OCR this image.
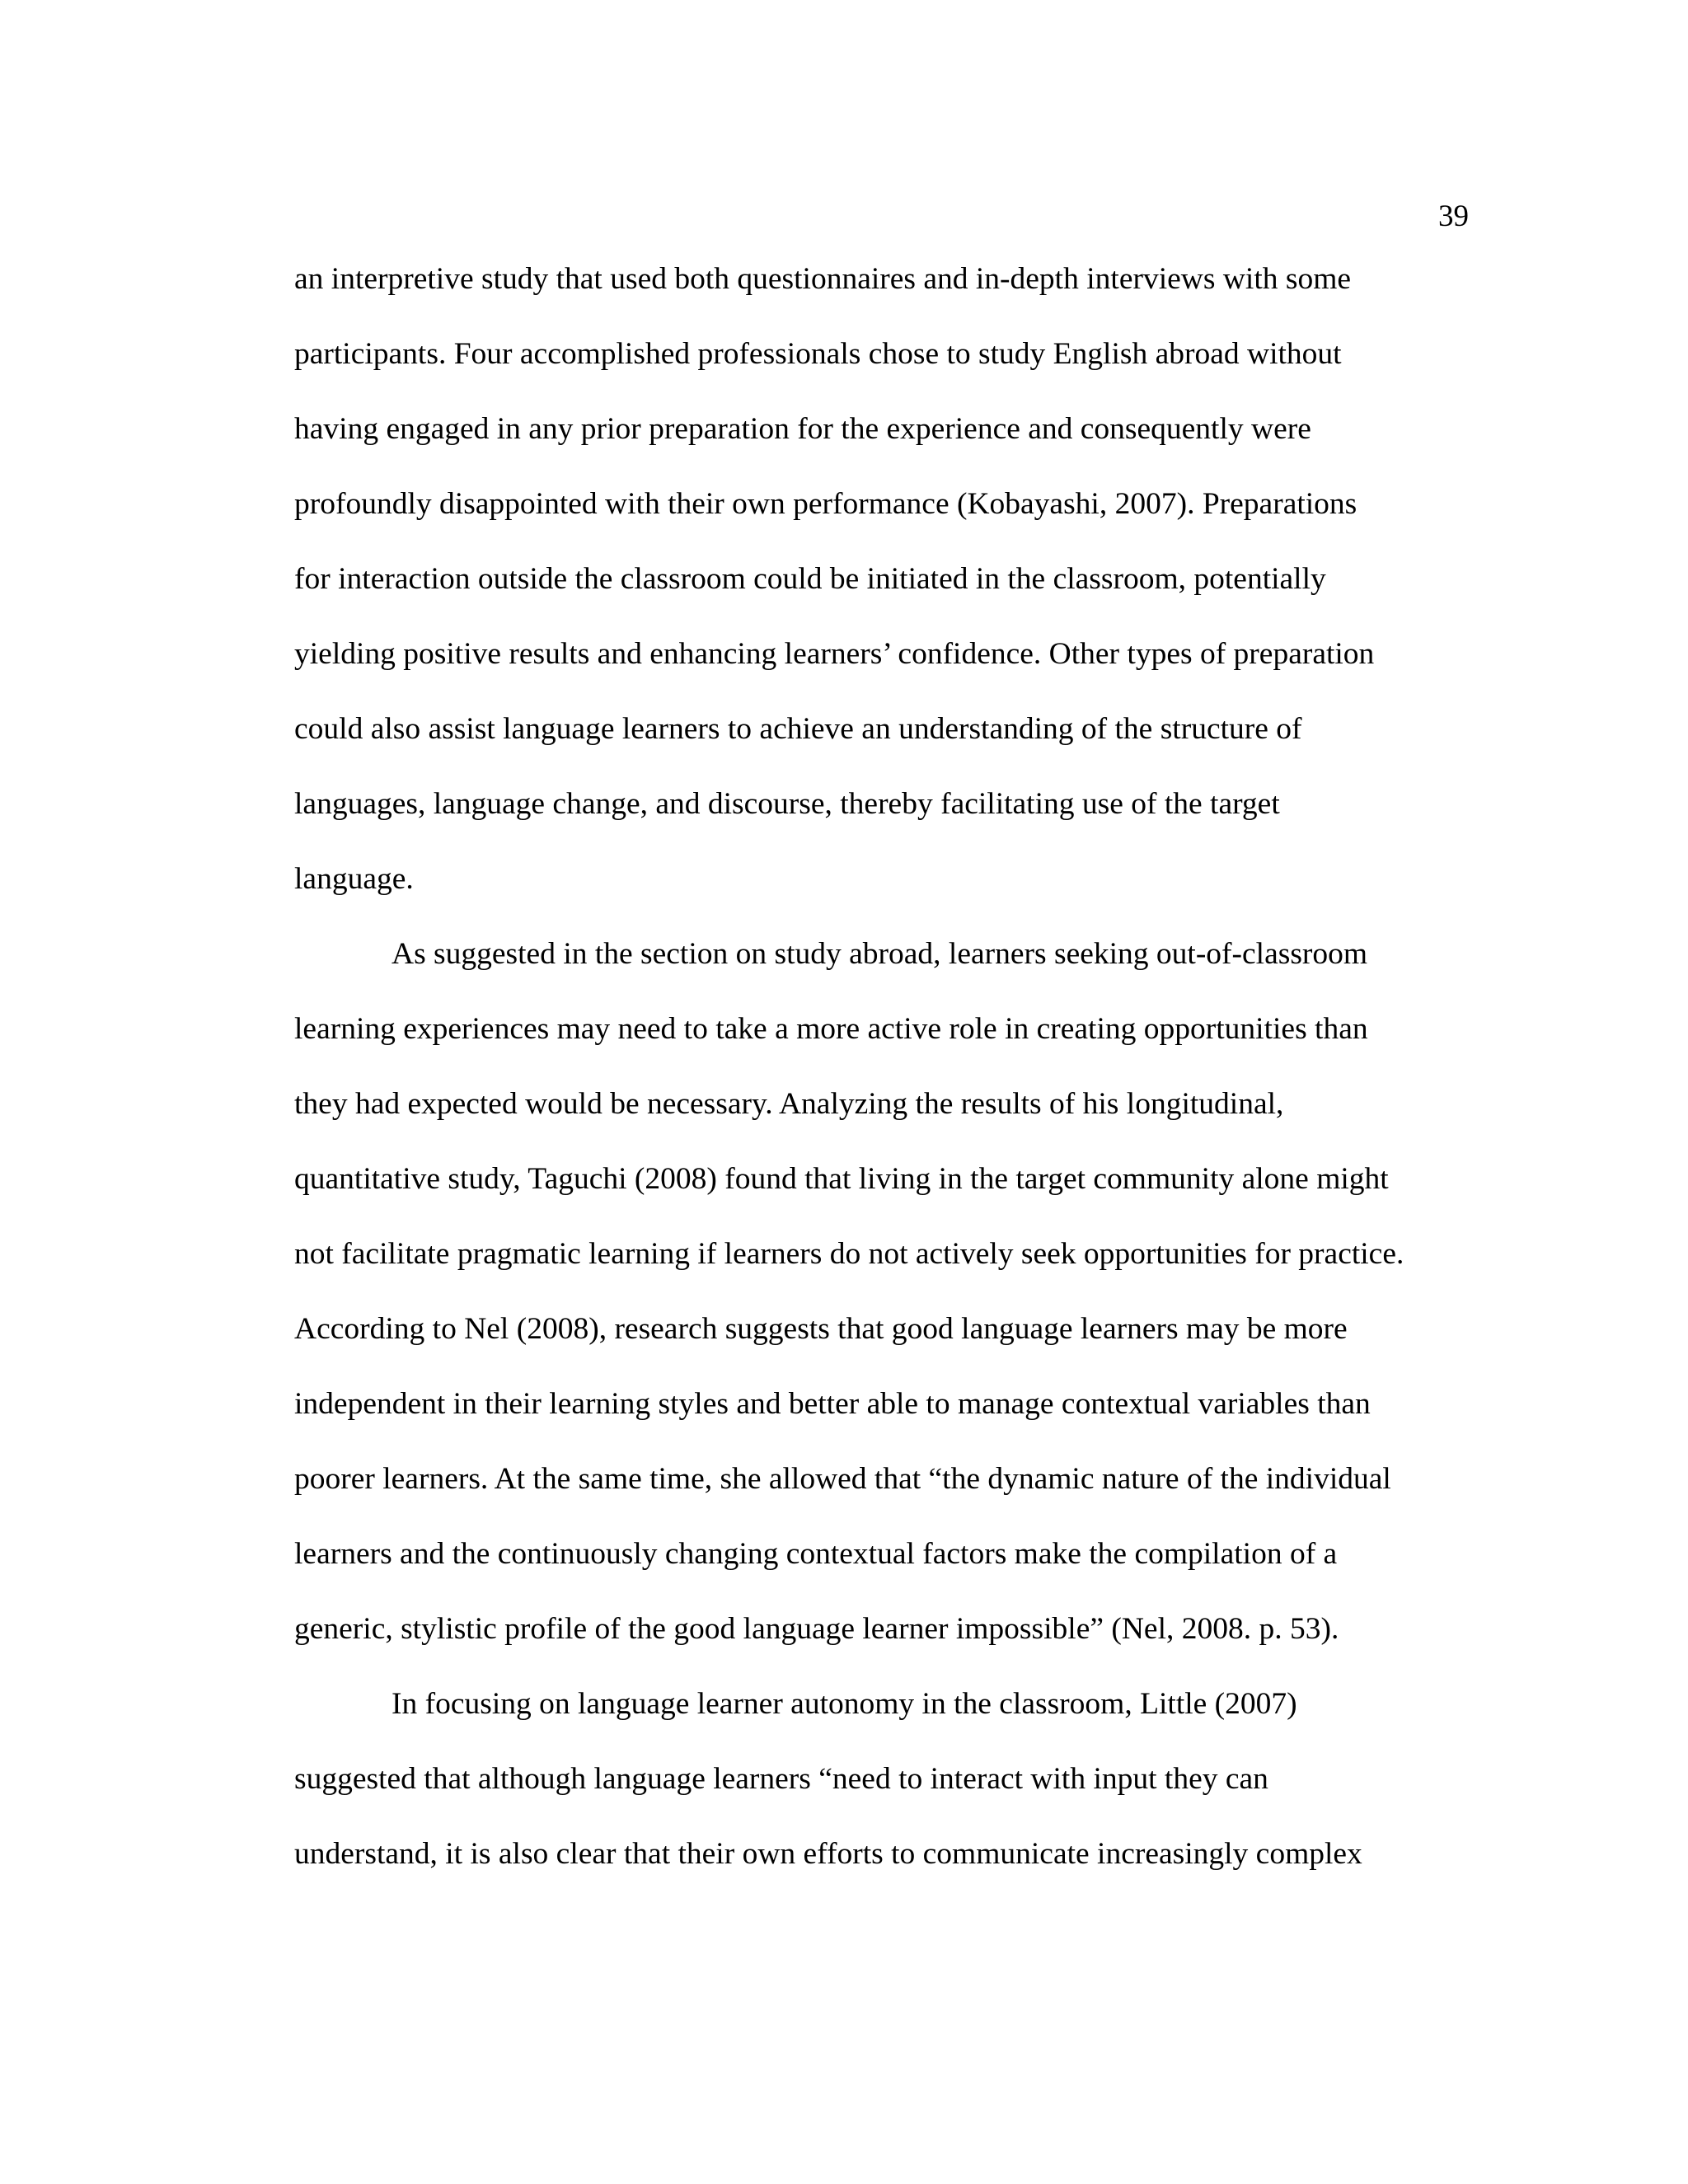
39
an interpretive study that used both questionnaires and in-depth interviews with some
participants. Four accomplished professionals chose to study English abroad without
having engaged in any prior preparation for the experience and consequently were
profoundly disappointed with their own performance (Kobayashi, 2007). Preparations
for interaction outside the classroom could be initiated in the classroom, potentially
yielding positive results and enhancing learners’ confidence. Other types of preparation
could also assist language learners to achieve an understanding of the structure of
languages, language change, and discourse, thereby facilitating use of the target
language.
As suggested in the section on study abroad, learners seeking out-of-classroom
learning experiences may need to take a more active role in creating opportunities than
they had expected would be necessary. Analyzing the results of his longitudinal,
quantitative study, Taguchi (2008) found that living in the target community alone might
not facilitate pragmatic learning if learners do not actively seek opportunities for practice.
According to Nel (2008), research suggests that good language learners may be more
independent in their learning styles and better able to manage contextual variables than
poorer learners. At the same time, she allowed that “the dynamic nature of the individual
learners and the continuously changing contextual factors make the compilation of a
generic, stylistic profile of the good language learner impossible” (Nel, 2008. p. 53).
In focusing on language learner autonomy in the classroom, Little (2007)
suggested that although language learners “need to interact with input they can
understand, it is also clear that their own efforts to communicate increasingly complex
